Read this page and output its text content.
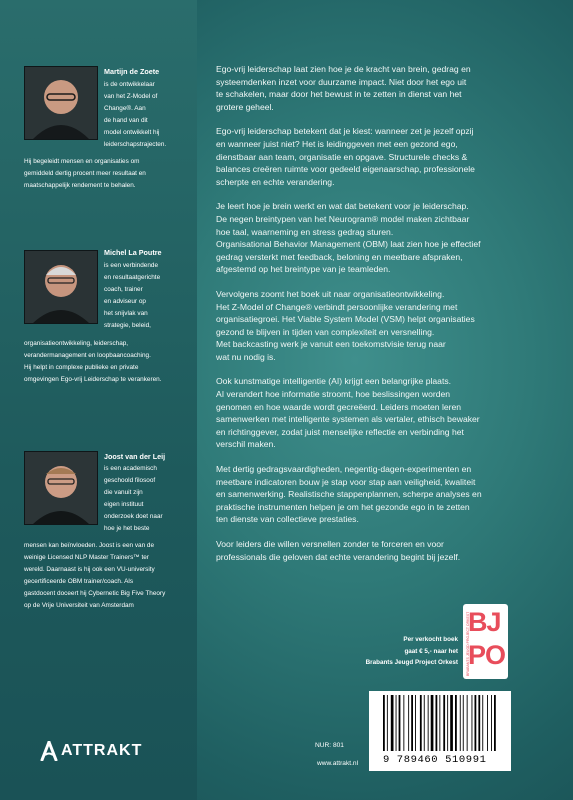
Martijn de Zoete
is de ontwikkelaar
van het Z-Model of
Change®. Aan
de hand van dit
model ontwikkelt hij
leiderschapstrajecten.
Hij begeleidt mensen en organisaties om
gemiddeld dertig procent meer resultaat en
maatschappelijk rendement te behalen.
Michel La Poutre
is een verbindende
en resultaatgerichte
coach, trainer
en adviseur op
het snijvlak van
strategie, beleid,
organisatieontwikkeling, leiderschap,
verandermanagement en loopbaancoaching.
Hij helpt in complexe publieke en private
omgevingen Ego-vrij Leiderschap te verankeren.
Joost van der Leij
is een academisch
geschoold filosoof
die vanuit zijn
eigen instituut
onderzoek doet naar
hoe je het beste
mensen kan beïnvloeden. Joost is een van de
weinige Licensed NLP Master Trainers™ ter
wereld. Daarnaast is hij ook een VU-university
gecertificeerde OBM trainer/coach. Als
gastdocent doceert hij Cybernetic Big Five Theory
op de Vrije Universiteit van Amsterdam

Ego-vrij leiderschap laat zien hoe je de kracht van brein, gedrag en
systeemdenken inzet voor duurzame impact. Niet door het ego uit
te schakelen, maar door het bewust in te zetten in dienst van het
grotere geheel.

Ego-vrij leiderschap betekent dat je kiest: wanneer zet je jezelf opzij
en wanneer juist niet? Het is leidinggeven met een gezond ego,
dienstbaar aan team, organisatie en opgave. Structurele checks &
balances creëren ruimte voor gedeeld eigenaarschap, professionele
scherpte en echte verandering.

Je leert hoe je brein werkt en wat dat betekent voor je leiderschap.
De negen breintypen van het Neurogram® model maken zichtbaar
hoe taal, waarneming en stress gedrag sturen.
Organisational Behavior Management (OBM) laat zien hoe je effectief
gedrag versterkt met feedback, beloning en meetbare afspraken,
afgestemd op het breintype van je teamleden.

Vervolgens zoomt het boek uit naar organisatieontwikkeling.
Het Z-Model of Change® verbindt persoonlijke verandering met
organisatiegroei. Het Viable System Model (VSM) helpt organisaties
gezond te blijven in tijden van complexiteit en versnelling.
Met backcasting werk je vanuit een toekomstvisie terug naar
wat nu nodig is.

Ook kunstmatige intelligentie (AI) krijgt een belangrijke plaats.
AI verandert hoe informatie stroomt, hoe beslissingen worden
genomen en hoe waarde wordt gecreëerd. Leiders moeten leren
samenwerken met intelligente systemen als vertaler, ethisch bewaker
en richtinggever, zodat juist menselijke reflectie en verbinding het
verschil maken.

Met dertig gedragsvaardigheden, negentig-dagen-experimenten en
meetbare indicatoren bouw je stap voor stap aan veiligheid, kwaliteit
en samenwerking. Realistische stappenplannen, scherpe analyses en
praktische instrumenten helpen je om het gezonde ego in te zetten
ten dienste van collectieve prestaties.

Voor leiders die willen versnellen zonder te forceren en voor
professionals die geloven dat echte verandering begint bij jezelf.

Per verkocht boek
gaat € 5,- naar het
Brabants Jeugd Project Orkest
BJ
PO
BRABANTS JEUGD PROJECT ORKEST
9 789460 510991
NUR: 801
www.attrakt.nl
ATTRAKT
